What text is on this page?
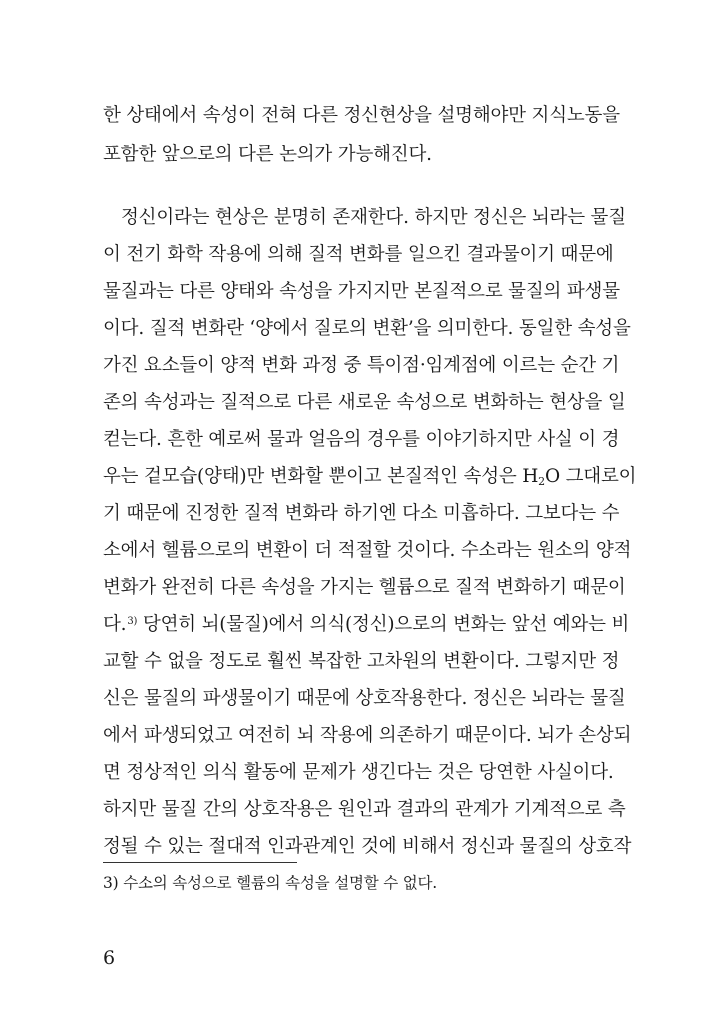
한 상태에서 속성이 전혀 다른 정신현상을 설명해야만 지식노동을
포함한 앞으로의 다른 논의가 가능해진다.
정신이라는 현상은 분명히 존재한다. 하지만 정신은 뇌라는 물질
이 전기 화학 작용에 의해 질적 변화를 일으킨 결과물이기 때문에
물질과는 다른 양태와 속성을 가지지만 본질적으로 물질의 파생물
이다. 질적 변화란 ‘양에서 질로의 변환’을 의미한다. 동일한 속성을
가진 요소들이 양적 변화 과정 중 특이점·임계점에 이르는 순간 기
존의 속성과는 질적으로 다른 새로운 속성으로 변화하는 현상을 일
컫는다. 흔한 예로써 물과 얼음의 경우를 이야기하지만 사실 이 경
우는 겉모습(양태)만 변화할 뿐이고 본질적인 속성은 $H_2O$ 그대로이
기 때문에 진정한 질적 변화라 하기엔 다소 미흡하다. 그보다는 수
소에서 헬륨으로의 변환이 더 적절할 것이다. 수소라는 원소의 양적
변화가 완전히 다른 속성을 가지는 헬륨으로 질적 변화하기 때문이
다.$^{3)}$ 당연히 뇌(물질)에서 의식(정신)으로의 변화는 앞선 예와는 비
교할 수 없을 정도로 훨씬 복잡한 고차원의 변환이다. 그렇지만 정
신은 물질의 파생물이기 때문에 상호작용한다. 정신은 뇌라는 물질
에서 파생되었고 여전히 뇌 작용에 의존하기 때문이다. 뇌가 손상되
면 정상적인 의식 활동에 문제가 생긴다는 것은 당연한 사실이다.
하지만 물질 간의 상호작용은 원인과 결과의 관계가 기계적으로 측
정될 수 있는 절대적 인과관계인 것에 비해서 정신과 물질의 상호작
3) 수소의 속성으로 헬륨의 속성을 설명할 수 없다.
6
